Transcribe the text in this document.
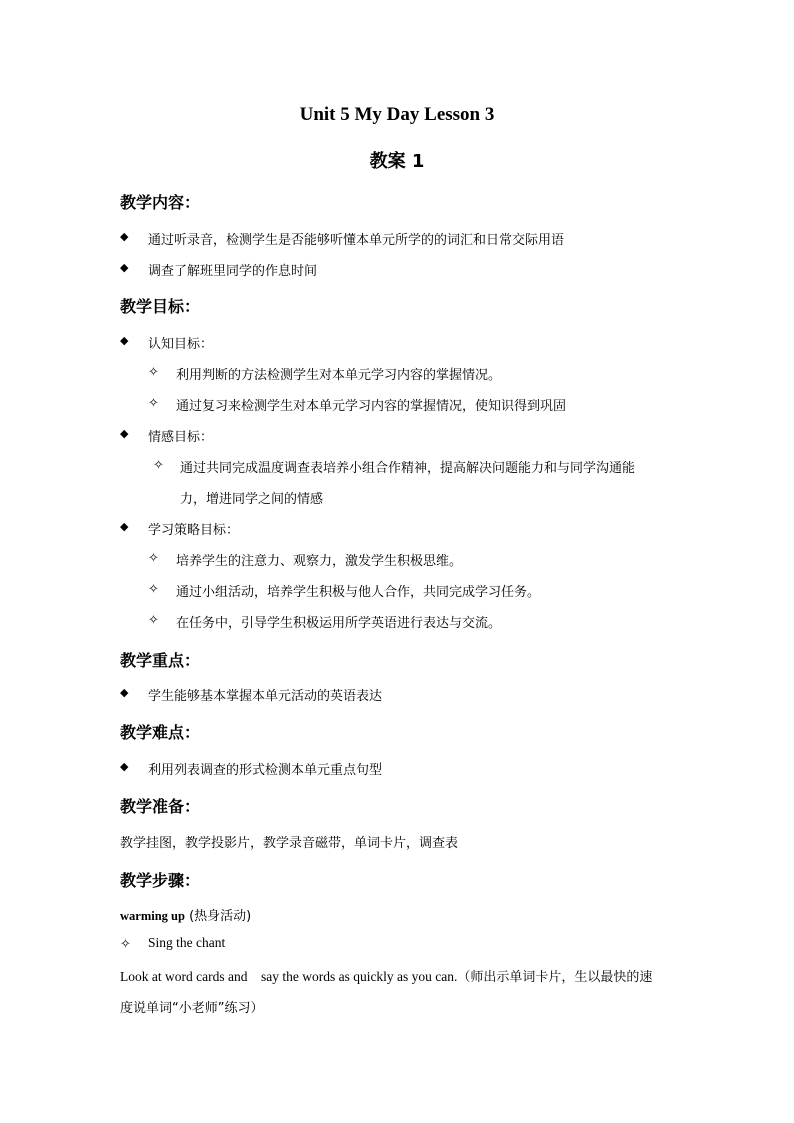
Unit 5 My Day Lesson 3
教案 1
教学内容：
◆ 通过听录音，检测学生是否能够听懂本单元所学的的词汇和日常交际用语
◆ 调查了解班里同学的作息时间
教学目标：
◆ 认知目标：
✧ 利用判断的方法检测学生对本单元学习内容的掌握情况。
✧ 通过复习来检测学生对本单元学习内容的掌握情况，使知识得到巩固
◆ 情感目标：
✧ 通过共同完成温度调查表培养小组合作精神，提高解决问题能力和与同学沟通能
力，增进同学之间的情感
◆ 学习策略目标：
✧ 培养学生的注意力、观察力，激发学生积极思维。
✧ 通过小组活动，培养学生积极与他人合作，共同完成学习任务。
✧ 在任务中，引导学生积极运用所学英语进行表达与交流。
教学重点：
◆ 学生能够基本掌握本单元活动的英语表达
教学难点：
◆ 利用列表调查的形式检测本单元重点句型
教学准备：
教学挂图，教学投影片，教学录音磁带，单词卡片，调查表
教学步骤：
warming up (热身活动)
✧ Sing the chant
Look at word cards and    say the words as quickly as you can.（师出示单词卡片，生以最快的速
度说单词“小老师”练习）
